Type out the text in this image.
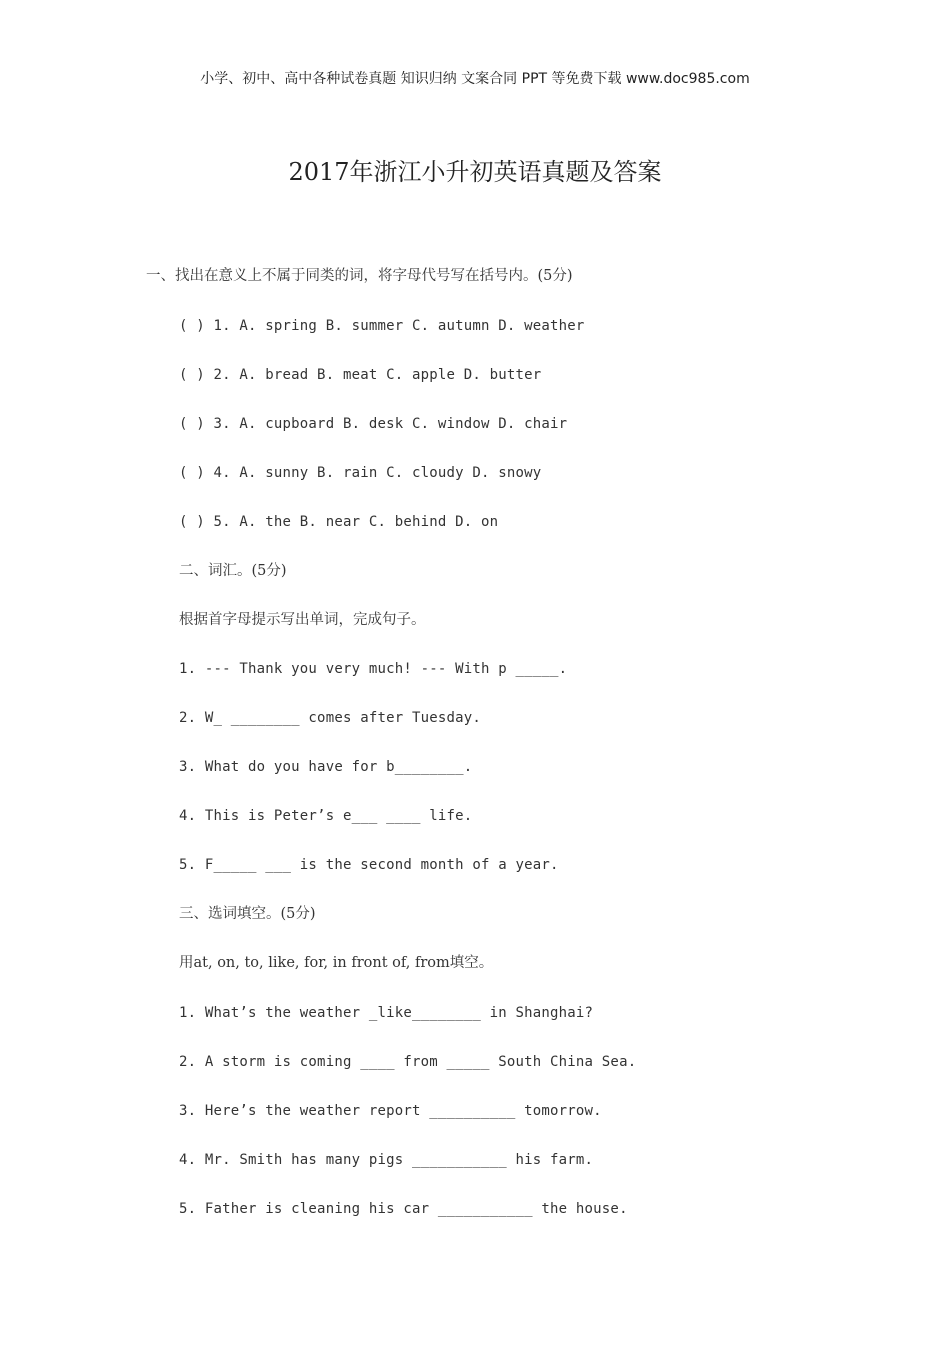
小学、初中、高中各种试卷真题 知识归纳 文案合同 PPT 等免费下载 www.doc985.com
2017年浙江小升初英语真题及答案
一、找出在意义上不属于同类的词，将字母代号写在括号内。(5分)
( ) 1. A. spring B. summer C. autumn D. weather
( ) 2. A. bread B. meat C. apple D. butter
( ) 3. A. cupboard B. desk C. window D. chair
( ) 4. A. sunny B. rain C. cloudy D. snowy
( ) 5. A. the B. near C. behind D. on
二、词汇。(5分)
根据首字母提示写出单词，完成句子。
1. --- Thank you very much! --- With p _____.
2. W_ ________ comes after Tuesday.
3. What do you have for b________.
4. This is Peter’s e___ ____ life.
5. F_____ ___ is the second month of a year.
三、选词填空。(5分)
用at, on, to, like, for, in front of, from填空。
1. What’s the weather _like________ in Shanghai?
2. A storm is coming ____ from _____ South China Sea.
3. Here’s the weather report __________ tomorrow.
4. Mr. Smith has many pigs ___________ his farm.
5. Father is cleaning his car ___________ the house.
